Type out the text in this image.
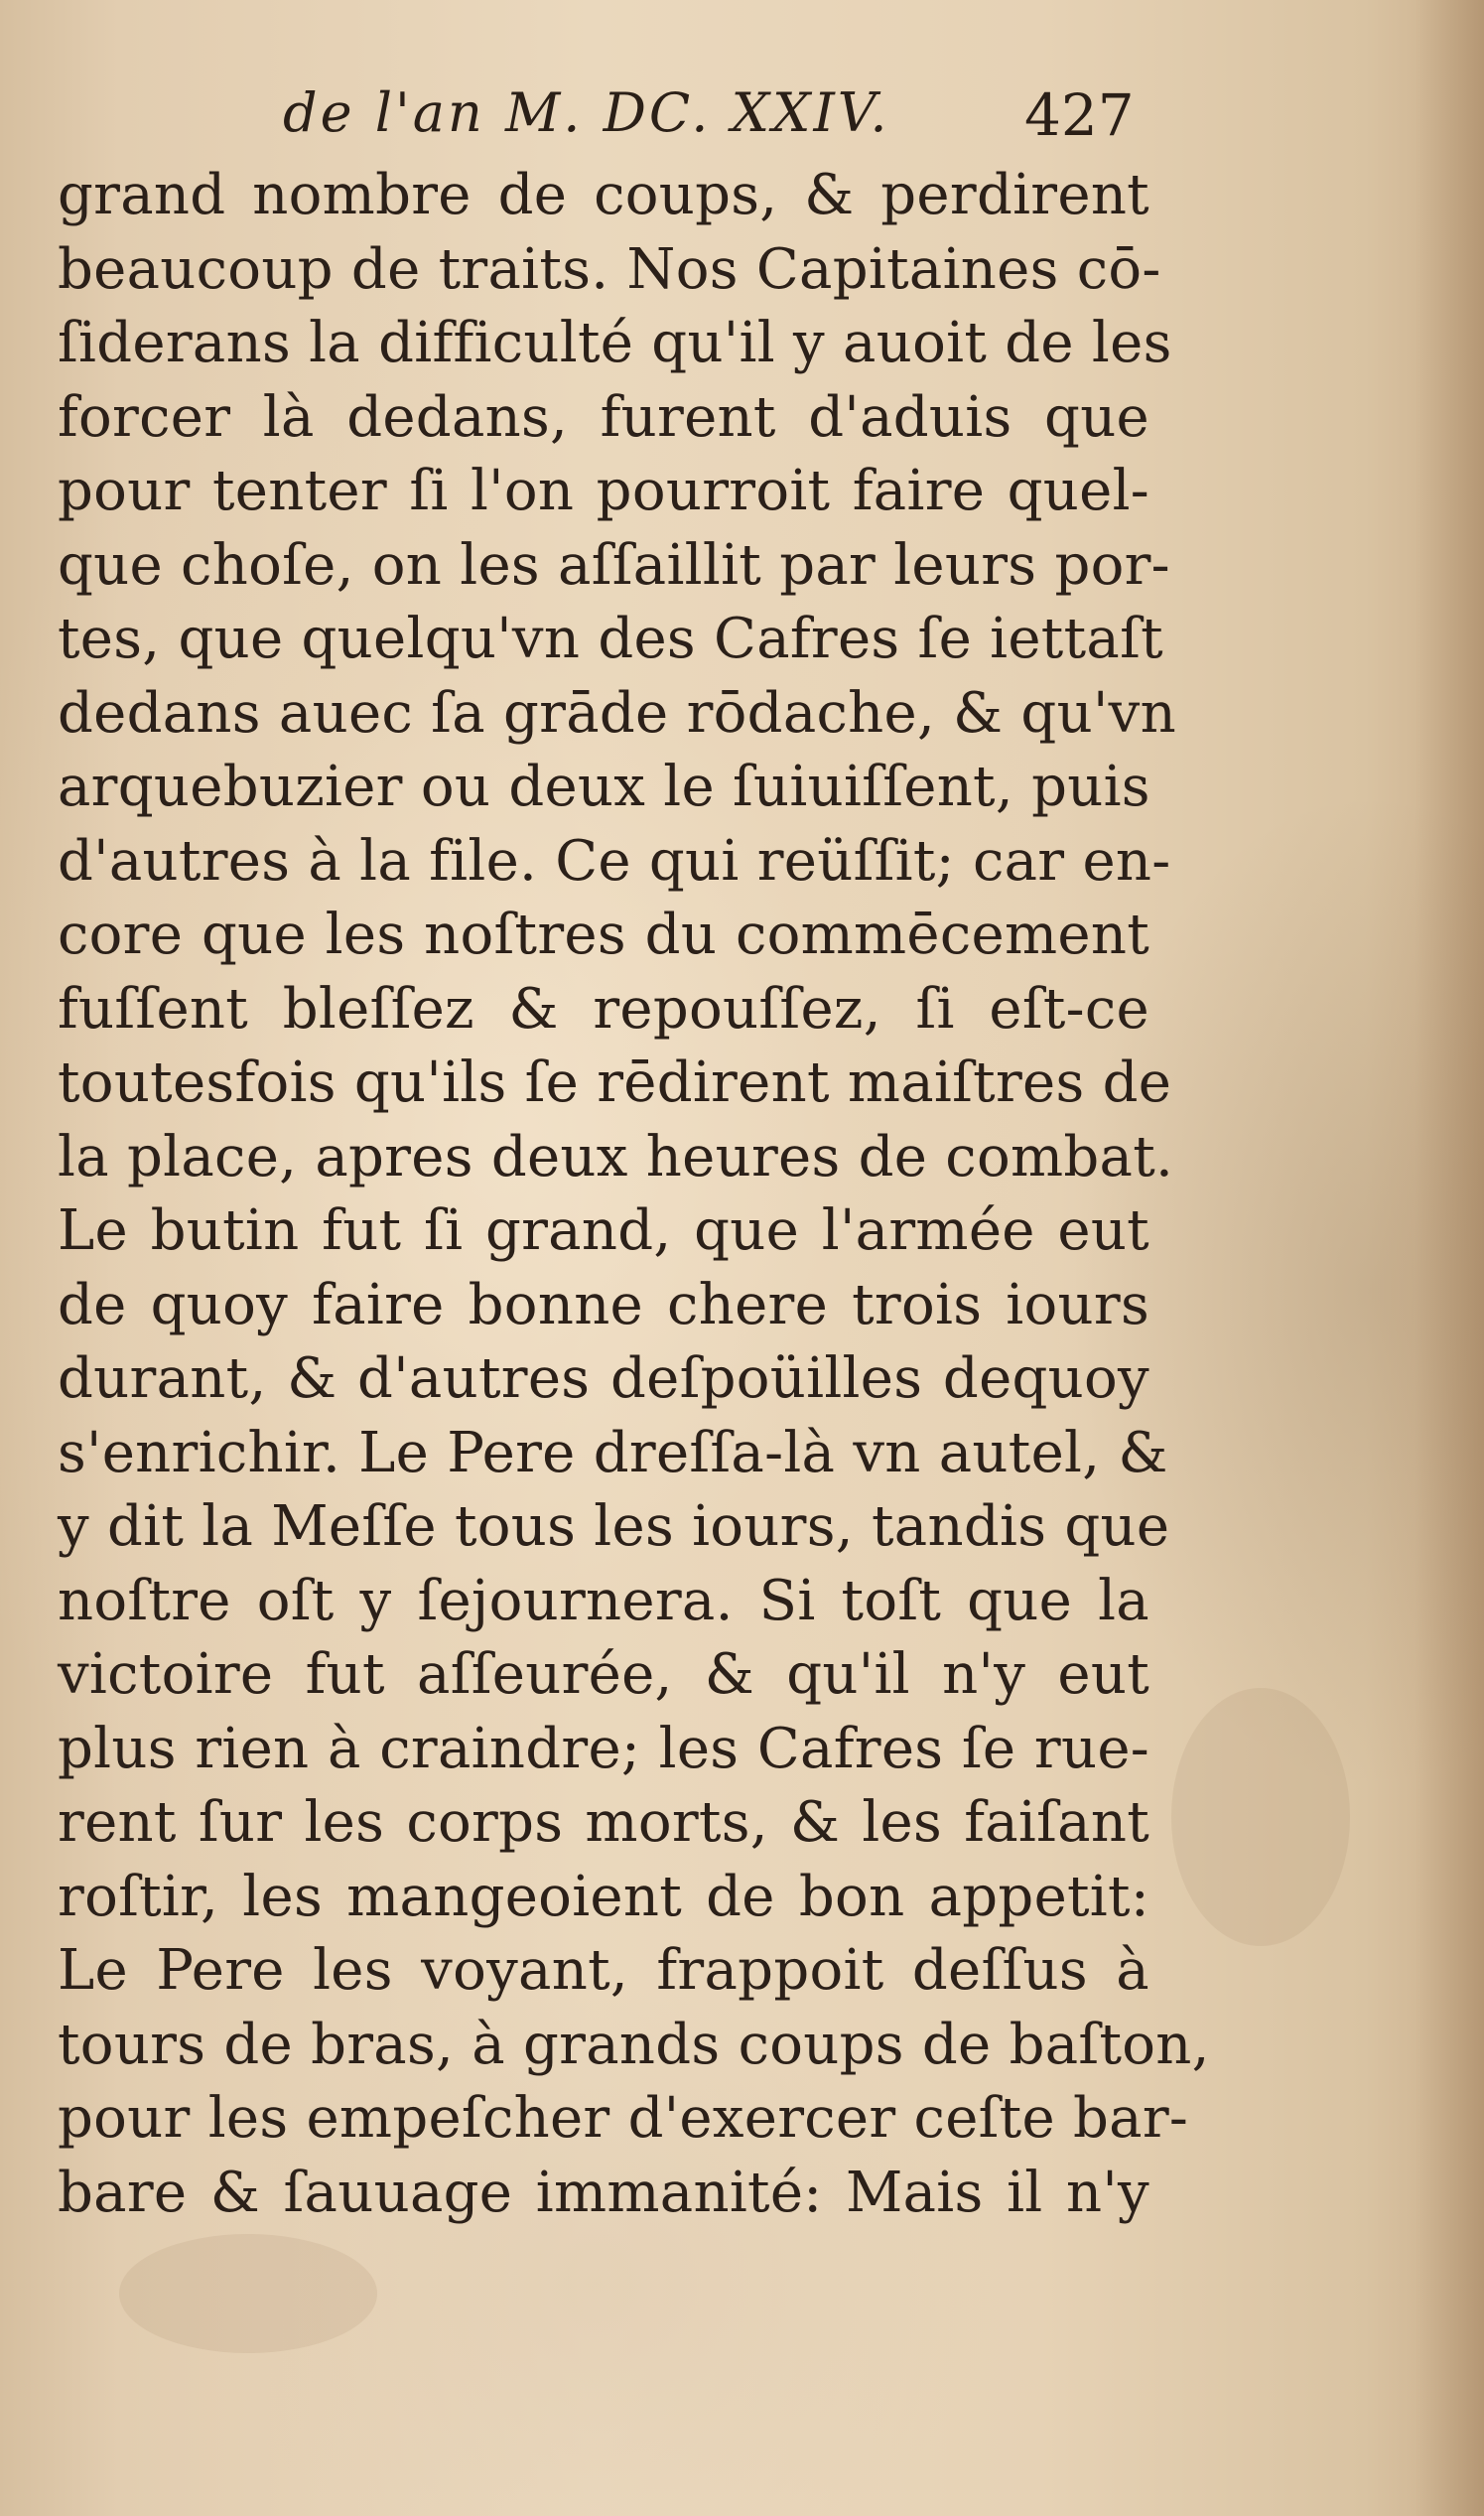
de l'an M. DC. XXIV. 427
grand nombre de coups, & perdirent
beaucoup de traits. Nos Capitaines cō-
ſiderans la difficulté qu'il y auoit de les
forcer là dedans, furent d'aduis que
pour tenter ſi l'on pourroit faire quel-
que choſe, on les aſſaillit par leurs por-
tes, que quelqu'vn des Cafres ſe iettaſt
dedans auec ſa grāde rōdache, & qu'vn
arquebuzier ou deux le ſuiuiſſent, puis
d'autres à la file. Ce qui reüſſit; car en-
core que les noſtres du commēcement
fuſſent bleſſez & repouſſez, ſi eſt-ce
toutesfois qu'ils ſe rēdirent maiſtres de
la place, apres deux heures de combat.
Le butin fut ſi grand, que l'armée eut
de quoy faire bonne chere trois iours
durant, & d'autres deſpoüilles dequoy
s'enrichir. Le Pere dreſſa-là vn autel, &
y dit la Meſſe tous les iours, tandis que
noſtre oſt y ſejournera. Si toſt que la
victoire fut aſſeurée, & qu'il n'y eut
plus rien à craindre; les Cafres ſe rue-
rent ſur les corps morts, & les faiſant
roſtir, les mangeoient de bon appetit:
Le Pere les voyant, frappoit deſſus à
tours de bras, à grands coups de baſton,
pour les empeſcher d'exercer ceſte bar-
bare & ſauuage immanité: Mais il n'y
